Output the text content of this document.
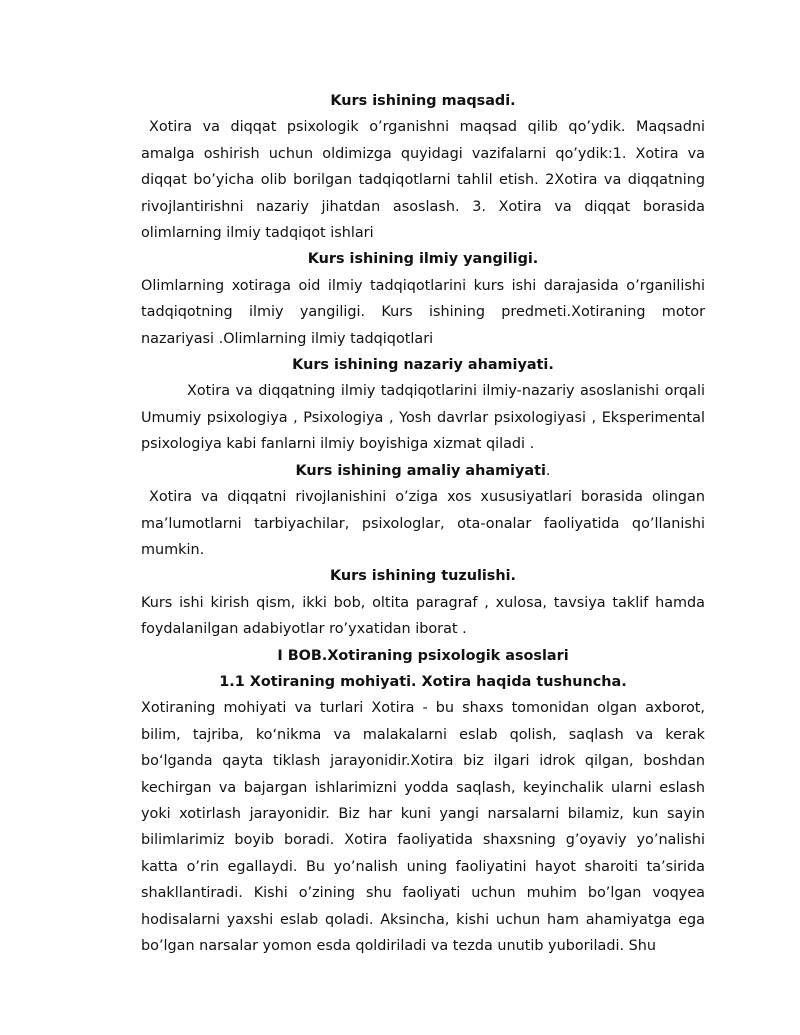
Kurs ishining maqsadi.

Xotira va diqqat psixologik o’rganishni maqsad qilib qo’ydik. Maqsadni amalga oshirish uchun oldimizga quyidagi vazifalarni qo’ydik:1. Xotira va diqqat bo’yicha olib borilgan tadqiqotlarni tahlil etish. 2Xotira va diqqatning rivojlantirishni nazariy jihatdan asoslash. 3. Xotira va diqqat borasida olimlarning ilmiy tadqiqot ishlari

Kurs ishining ilmiy yangiligi.

Olimlarning xotiraga oid ilmiy tadqiqotlarini kurs ishi darajasida o’rganilishi tadqiqotning ilmiy yangiligi. Kurs ishining predmeti.Xotiraning motor nazariyasi .Olimlarning ilmiy tadqiqotlari

Kurs ishining nazariy ahamiyati.

Xotira va diqqatning ilmiy tadqiqotlarini ilmiy-nazariy asoslanishi orqali Umumiy psixologiya , Psixologiya , Yosh davrlar psixologiyasi , Eksperimental psixologiya kabi fanlarni ilmiy boyishiga xizmat qiladi .

Kurs ishining amaliy ahamiyati.

Xotira va diqqatni rivojlanishini o’ziga xos xususiyatlari borasida olingan ma’lumotlarni tarbiyachilar, psixologlar, ota-onalar faoliyatida qo’llanishi mumkin.

Kurs ishining tuzulishi.

Kurs ishi kirish qism, ikki bob, oltita paragraf , xulosa, tavsiya taklif hamda foydalanilgan adabiyotlar ro’yxatidan iborat .

I BOB.Xotiraning psixologik asoslari

1.1 Xotiraning mohiyati. Xotira haqida tushuncha.

Xotiraning mohiyati va turlari Xotira - bu shaxs tomonidan olgan axborot, bilim, tajriba, koʻnikma va malakalarni eslab qolish, saqlash va kerak boʻlganda qayta tiklash jarayonidir.Xotira biz ilgari idrok qilgan, boshdan kechirgan va bajargan ishlarimizni yodda saqlash, keyinchalik ularni eslash yoki xotirlash jarayonidir. Biz har kuni yangi narsalarni bilamiz, kun sayin bilimlarimiz boyib boradi. Xotira faoliyatida shaxsning g’oyaviy yo’nalishi katta o’rin egallaydi. Bu yo’nalish uning faoliyatini hayot sharoiti ta’sirida shakllantiradi. Kishi o’zining shu faoliyati uchun muhim bo’lgan voqyea hodisalarni yaxshi eslab qoladi. Aksincha, kishi uchun ham ahamiyatga ega bo’lgan narsalar yomon esda qoldiriladi va tezda unutib yuboriladi. Shu
